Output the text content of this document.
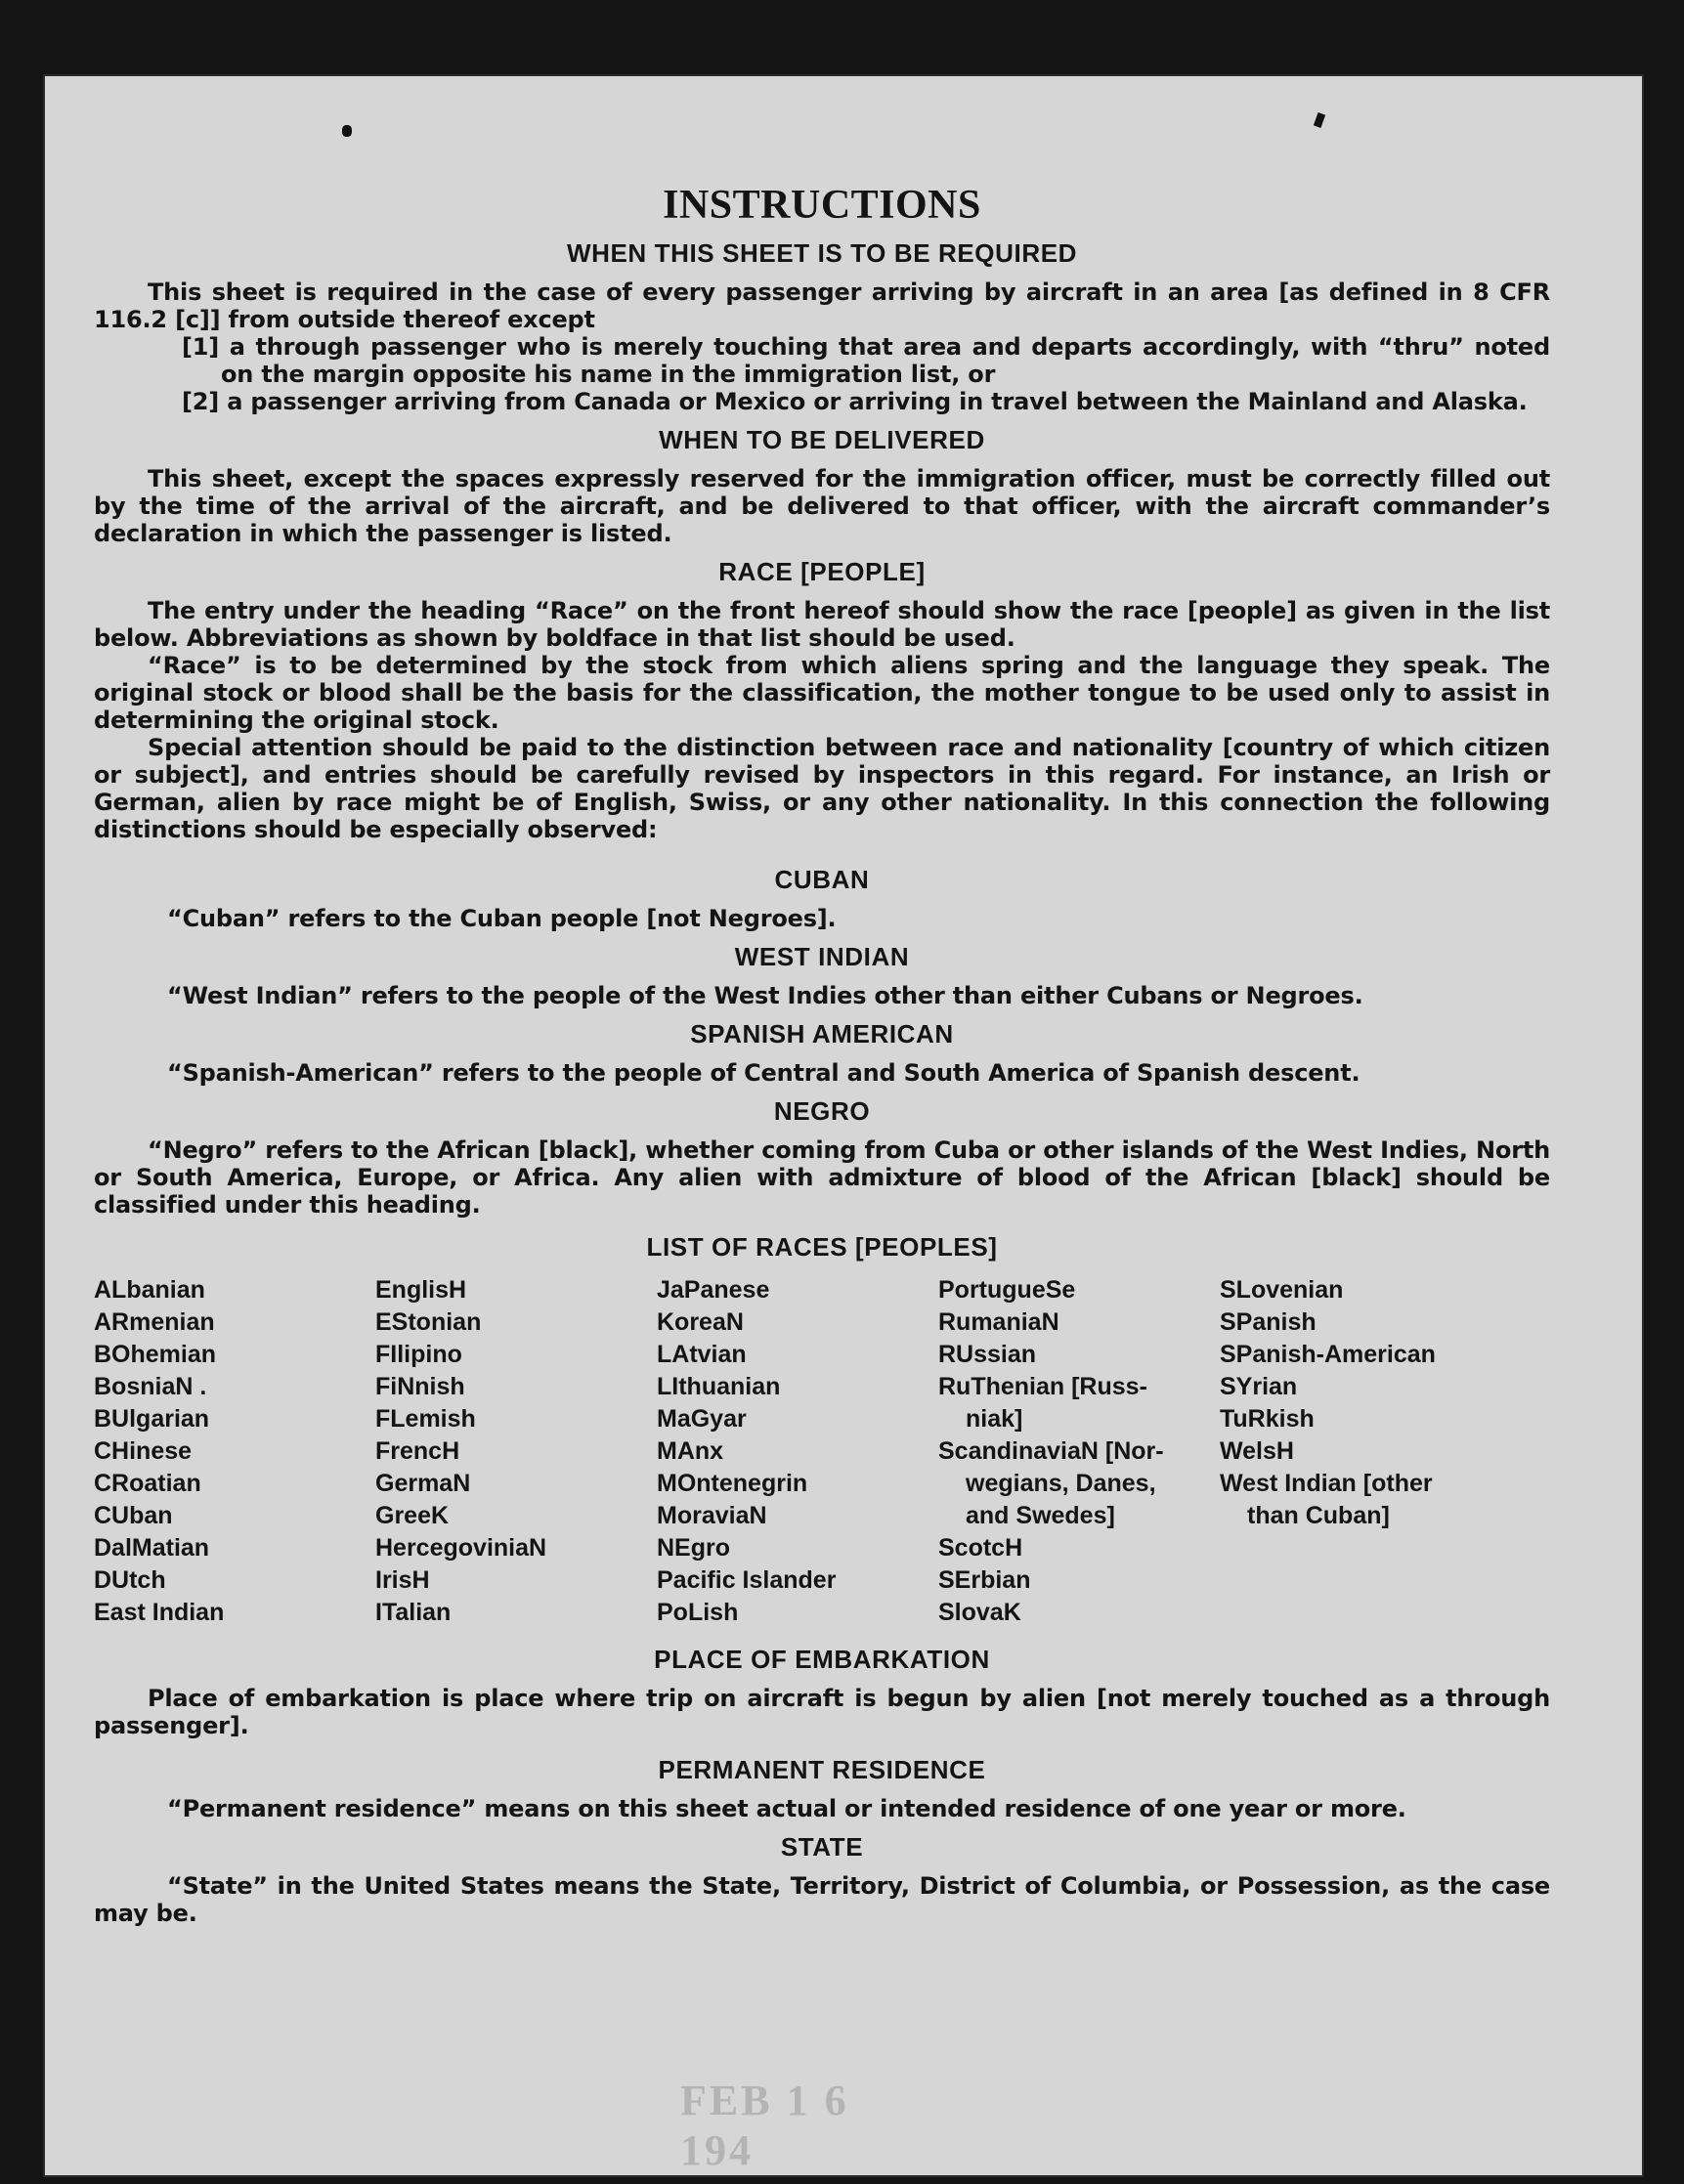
INSTRUCTIONS
WHEN THIS SHEET IS TO BE REQUIRED

This sheet is required in the case of every passenger arriving by aircraft in an area [as defined in 8 CFR 116.2 [c]] from outside thereof except

[1] a through passenger who is merely touching that area and departs accordingly, with “thru” noted on the margin opposite his name in the immigration list, or

[2] a passenger arriving from Canada or Mexico or arriving in travel between the Mainland and Alaska.

WHEN TO BE DELIVERED

This sheet, except the spaces expressly reserved for the immigration officer, must be correctly filled out by the time of the arrival of the aircraft, and be delivered to that officer, with the aircraft commander’s declaration in which the passenger is listed.

RACE [PEOPLE]

The entry under the heading “Race” on the front hereof should show the race [people] as given in the list below. Abbreviations as shown by boldface in that list should be used.

“Race” is to be determined by the stock from which aliens spring and the language they speak. The original stock or blood shall be the basis for the classification, the mother tongue to be used only to assist in determining the original stock.

Special attention should be paid to the distinction between race and nationality [country of which citizen or subject], and entries should be carefully revised by inspectors in this regard. For instance, an Irish or German, alien by race might be of English, Swiss, or any other nationality. In this connection the following distinctions should be especially observed:

CUBAN

“Cuban” refers to the Cuban people [not Negroes].

WEST INDIAN

“West Indian” refers to the people of the West Indies other than either Cubans or Negroes.

SPANISH AMERICAN

“Spanish-American” refers to the people of Central and South America of Spanish descent.

NEGRO

“Negro” refers to the African [black], whether coming from Cuba or other islands of the West Indies, North or South America, Europe, or Africa. Any alien with admixture of blood of the African [black] should be classified under this heading.

LIST OF RACES [PEOPLES]
ALbanian
ARmenian
BOhemian
BosniaN .
BUlgarian
CHinese
CRoatian
CUban
DalMatian
DUtch
East Indian
EnglisH
EStonian
FIlipino
FiNnish
FLemish
FrencH
GermaN
GreeK
HercegoviniaN
IrisH
ITalian
JaPanese
KoreaN
LAtvian
LIthuanian
MaGyar
MAnx
MOntenegrin
MoraviaN
NEgro
Pacific Islander
PoLish
PortugueSe
RumaniaN
RUssian
RuThenian [Russ-
niak]
ScandinaviaN [Nor-
wegians, Danes,
and Swedes]
ScotcH
SErbian
SlovaK
SLovenian
SPanish
SPanish-American
SYrian
TuRkish
WelsH
West Indian [other
than Cuban]
PLACE OF EMBARKATION

Place of embarkation is place where trip on aircraft is begun by alien [not merely touched as a through passenger].

PERMANENT RESIDENCE

“Permanent residence” means on this sheet actual or intended residence of one year or more.

STATE

“State” in the United States means the State, Territory, District of Columbia, or Possession, as the case may be.

FEB 1 6 194
